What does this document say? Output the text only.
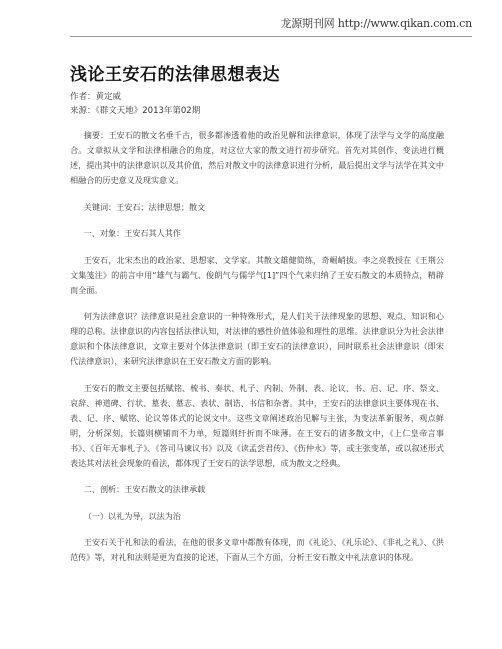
龙源期刊网 http://www.qikan.com.cn
浅论王安石的法律思想表达
作者：黄定威
来源：《群文天地》2013年第02期

摘要：王安石的散文名垂千古，很多都渗透着他的政治见解和法律意识，体现了法学与文学的高度融合。文章拟从文学和法律相融合的角度，对这位大家的散文进行初步研究。首先对其创作、变法进行概述，提出其中的法律意识以及其价值，然后对散文中的法律意识进行分析，最后提出文学与法学在其文中相融合的历史意义及现实意义。

关键词：王安石；法律思想；散文

一、对象：王安石其人其作

王安石，北宋杰出的政治家、思想家、文学家。其散文雄健简练，奇崛峭拔。李之亮教授在《王荆公文集笺注》的前言中用“雄气与霸气、俊朗气与儒学气[1]”四个气来归纳了王安石散文的本质特点，精辟而全面。

何为法律意识？法律意识是社会意识的一种特殊形式，是人们关于法律现象的思想、观点、知识和心理的总称。法律意识的内容包括法律认知，对法律的感性价值体验和理性的思维。法律意识分为社会法律意识和个体法律意识，文章主要对个体法律意识（即王安石的法律意识），同时联系社会法律意识（即宋代法律意识），来研究法律意识在王安石散文方面的影响。

王安石的散文主要包括赋铭、梳书、奏状、札子、内制、外制、表、论议、书、启、记、序、祭文、哀辞、神道碑、行状、墓表、墓志、表状、制诰、书信和杂著。其中，王安石的法律意识主要体现在书、表、记、序、赋铭、论议等体式的论说文中。这些文章阐述政治见解与主张，为变法革新服务，观点鲜明，分析深刻，长篇则横铺而不力单，短篇则纡折而不味薄。在王安石的诸多散文中，《上仁皇帝言事书》、《百年无事札子》、《答司马谏议书》以及《读孟尝君传》、《伤仲永》等，或主张变革，或以叙述形式表达其对法社会现象的看法，都体现了王安石的法学思想，成为散文之经典。

二、剖析：王安石散文的法律承载
（一）以礼为导，以法为治

王安石关于礼和法的看法，在他的很多文章中都散有体现，而《礼论》、《礼乐论》、《非礼之礼》、《洪范传》等，对礼和法则是更为直接的论述，下面从三个方面，分析王安石散文中礼法意识的体现。
